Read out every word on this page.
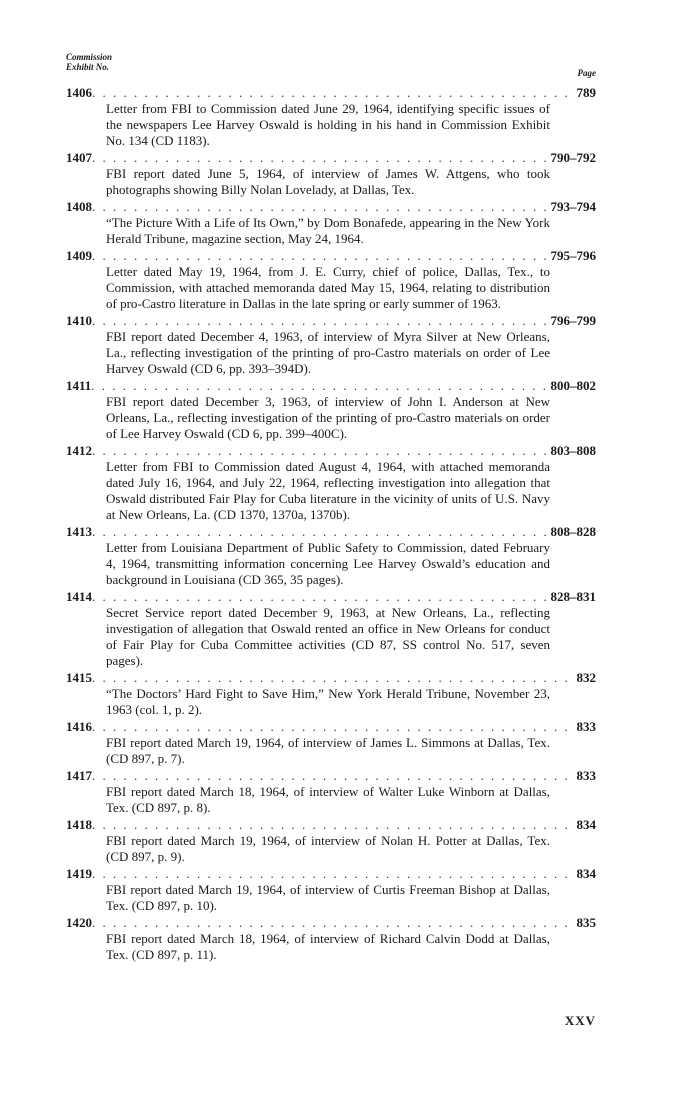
Commission
Exhibit No.
Page
1406 . . .	789
Letter from FBI to Commission dated June 29, 1964, identifying specific issues of the newspapers Lee Harvey Oswald is holding in his hand in Commission Exhibit No. 134 (CD 1183).
1407 . . .	790–792
FBI report dated June 5, 1964, of interview of James W. Attgens, who took photographs showing Billy Nolan Lovelady, at Dallas, Tex.
1408 . . .	793–794
“The Picture With a Life of Its Own,” by Dom Bonafede, appearing in the New York Herald Tribune, magazine section, May 24, 1964.
1409 . . .	795–796
Letter dated May 19, 1964, from J. E. Curry, chief of police, Dallas, Tex., to Commission, with attached memoranda dated May 15, 1964, relating to distribution of pro-Castro literature in Dallas in the late spring or early summer of 1963.
1410 . . .	796–799
FBI report dated December 4, 1963, of interview of Myra Silver at New Orleans, La., reflecting investigation of the printing of pro-Castro materials on order of Lee Harvey Oswald (CD 6, pp. 393–394D).
1411 . . .	800–802
FBI report dated December 3, 1963, of interview of John I. Anderson at New Orleans, La., reflecting investigation of the printing of pro-Castro materials on order of Lee Harvey Oswald (CD 6, pp. 399–400C).
1412 . . .	803–808
Letter from FBI to Commission dated August 4, 1964, with attached memoranda dated July 16, 1964, and July 22, 1964, reflecting investigation into allegation that Oswald distributed Fair Play for Cuba literature in the vicinity of units of U.S. Navy at New Orleans, La. (CD 1370, 1370a, 1370b).
1413 . . .	808–828
Letter from Louisiana Department of Public Safety to Commission, dated February 4, 1964, transmitting information concerning Lee Harvey Oswald’s education and background in Louisiana (CD 365, 35 pages).
1414 . . .	828–831
Secret Service report dated December 9, 1963, at New Orleans, La., reflecting investigation of allegation that Oswald rented an office in New Orleans for conduct of Fair Play for Cuba Committee activities (CD 87, SS control No. 517, seven pages).
1415 . . .	832
“The Doctors’ Hard Fight to Save Him,” New York Herald Tribune, November 23, 1963 (col. 1, p. 2).
1416 . . .	833
FBI report dated March 19, 1964, of interview of James L. Simmons at Dallas, Tex. (CD 897, p. 7).
1417 . . .	833
FBI report dated March 18, 1964, of interview of Walter Luke Winborn at Dallas, Tex. (CD 897, p. 8).
1418 . . .	834
FBI report dated March 19, 1964, of interview of Nolan H. Potter at Dallas, Tex. (CD 897, p. 9).
1419 . . .	834
FBI report dated March 19, 1964, of interview of Curtis Freeman Bishop at Dallas, Tex. (CD 897, p. 10).
1420 . . .	835
FBI report dated March 18, 1964, of interview of Richard Calvin Dodd at Dallas, Tex. (CD 897, p. 11).
XXV
